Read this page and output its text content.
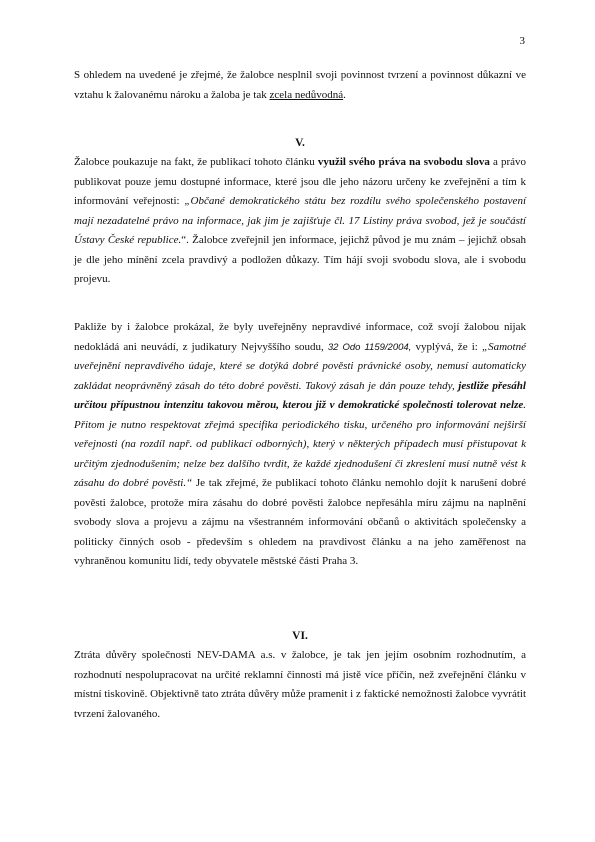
3

S ohledem na uvedené je zřejmé, že žalobce nesplnil svoji povinnost tvrzení a povinnost důkazní ve vztahu k žalovanému nároku a žaloba je tak zcela nedůvodná.

V.

Žalobce poukazuje na fakt, že publikací tohoto článku využil svého práva na svobodu slova a právo publikovat pouze jemu dostupné informace, které jsou dle jeho názoru určeny ke zveřejnění a tím k informování veřejnosti: „Občané demokratického státu bez rozdílu svého společenského postavení mají nezadatelné právo na informace, jak jim je zajišťuje čl. 17 Listiny práva svobod, jež je součástí Ústavy České republice.“. Žalobce zveřejnil jen informace, jejichž původ je mu znám – jejichž obsah je dle jeho mínění zcela pravdivý a podložen důkazy. Tím hájí svoji svobodu slova, ale i svobodu projevu.

Pakliže by i žalobce prokázal, že byly uveřejněny nepravdivé informace, což svojí žalobou nijak nedokládá ani neuvádí, z judikatury Nejvyššího soudu, 32 Odo 1159/2004, vyplývá, že i: „Samotné uveřejnění nepravdivého údaje, které se dotýká dobré pověsti právnické osoby, nemusí automaticky zakládat neoprávněný zásah do této dobré pověsti. Takový zásah je dán pouze tehdy, jestliže přesáhl určitou přípustnou intenzitu takovou měrou, kterou již v demokratické společnosti tolerovat nelze. Přitom je nutno respektovat zřejmá specifika periodického tisku, určeného pro informování nejširší veřejnosti (na rozdíl např. od publikací odborných), který v některých případech musí přistupovat k určitým zjednodušením; nelze bez dalšího tvrdit, že každé zjednodušení či zkreslení musí nutně vést k zásahu do dobré pověsti.“ Je tak zřejmé, že publikací tohoto článku nemohlo dojít k narušení dobré pověsti žalobce, protože míra zásahu do dobré pověsti žalobce nepřesáhla míru zájmu na naplnění svobody slova a projevu a zájmu na všestranném informování občanů o aktivitách společensky a politicky činných osob - především s ohledem na pravdivost článku a na jeho zaměřenost na vyhraněnou komunitu lidí, tedy obyvatele městské části Praha 3.

VI.

Ztráta důvěry společnosti NEV-DAMA a.s. v žalobce, je tak jen jejím osobním rozhodnutím, a rozhodnutí nespolupracovat na určité reklamní činnosti má jistě více příčin, než zveřejnění článku v místní tiskovině. Objektivně tato ztráta důvěry může pramenit i z faktické nemožnosti žalobce vyvrátit tvrzení žalovaného.
